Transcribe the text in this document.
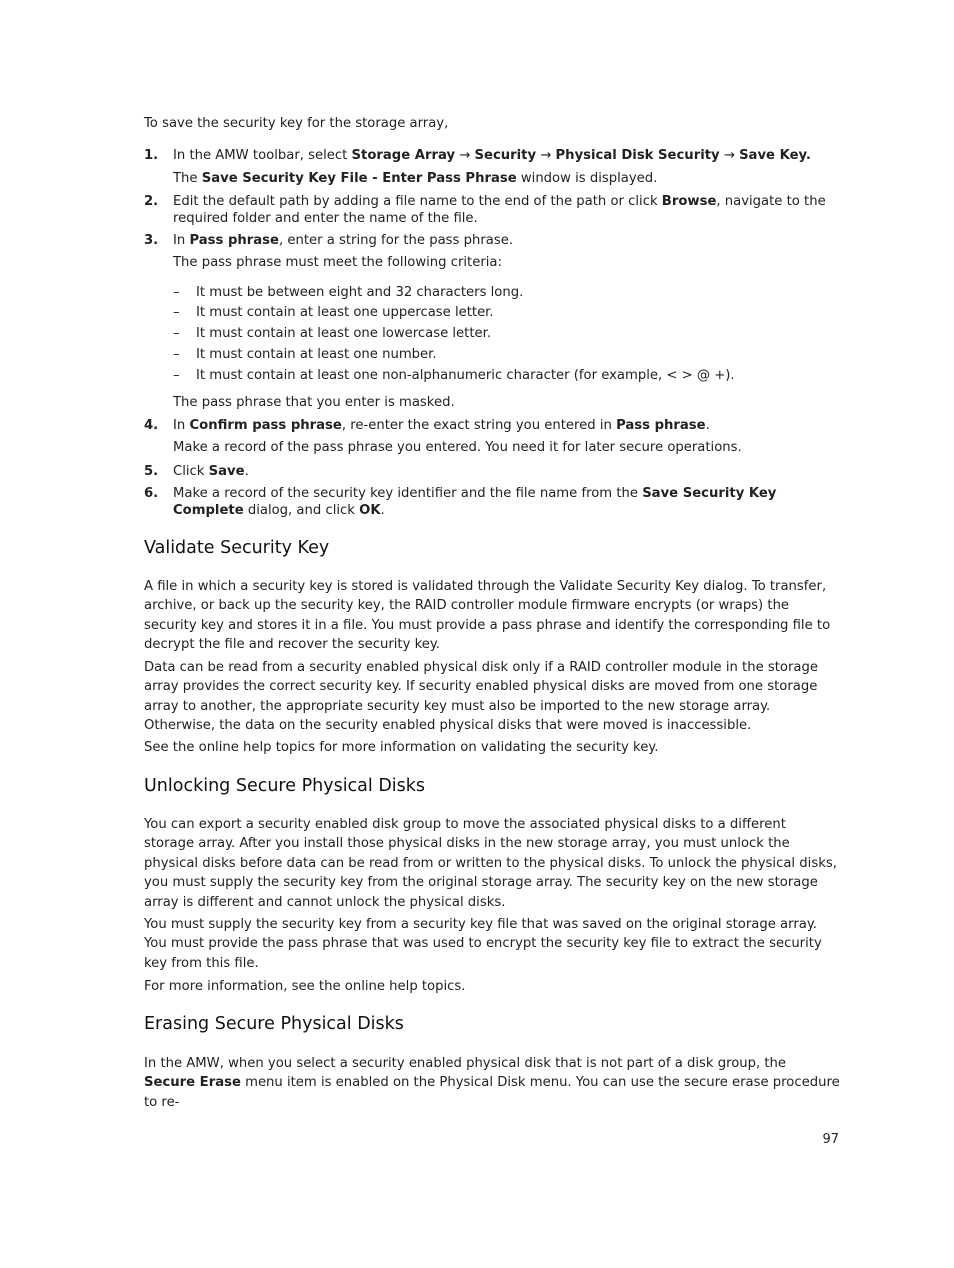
To save the security key for the storage array,

1. In the AMW toolbar, select Storage Array → Security → Physical Disk Security → Save Key.
The Save Security Key File - Enter Pass Phrase window is displayed.
2. Edit the default path by adding a file name to the end of the path or click Browse, navigate to the required folder and enter the name of the file.
3. In Pass phrase, enter a string for the pass phrase.
The pass phrase must meet the following criteria:
– It must be between eight and 32 characters long.
– It must contain at least one uppercase letter.
– It must contain at least one lowercase letter.
– It must contain at least one number.
– It must contain at least one non-alphanumeric character (for example, < > @ +).
The pass phrase that you enter is masked.
4. In Confirm pass phrase, re-enter the exact string you entered in Pass phrase.
Make a record of the pass phrase you entered. You need it for later secure operations.
5. Click Save.
6. Make a record of the security key identifier and the file name from the Save Security Key Complete dialog, and click OK.
Validate Security Key

A file in which a security key is stored is validated through the Validate Security Key dialog. To transfer, archive, or back up the security key, the RAID controller module firmware encrypts (or wraps) the security key and stores it in a file. You must provide a pass phrase and identify the corresponding file to decrypt the file and recover the security key.

Data can be read from a security enabled physical disk only if a RAID controller module in the storage array provides the correct security key. If security enabled physical disks are moved from one storage array to another, the appropriate security key must also be imported to the new storage array. Otherwise, the data on the security enabled physical disks that were moved is inaccessible.

See the online help topics for more information on validating the security key.

Unlocking Secure Physical Disks

You can export a security enabled disk group to move the associated physical disks to a different storage array. After you install those physical disks in the new storage array, you must unlock the physical disks before data can be read from or written to the physical disks. To unlock the physical disks, you must supply the security key from the original storage array. The security key on the new storage array is different and cannot unlock the physical disks.

You must supply the security key from a security key file that was saved on the original storage array. You must provide the pass phrase that was used to encrypt the security key file to extract the security key from this file.

For more information, see the online help topics.

Erasing Secure Physical Disks

In the AMW, when you select a security enabled physical disk that is not part of a disk group, the Secure Erase menu item is enabled on the Physical Disk menu. You can use the secure erase procedure to re-

97
